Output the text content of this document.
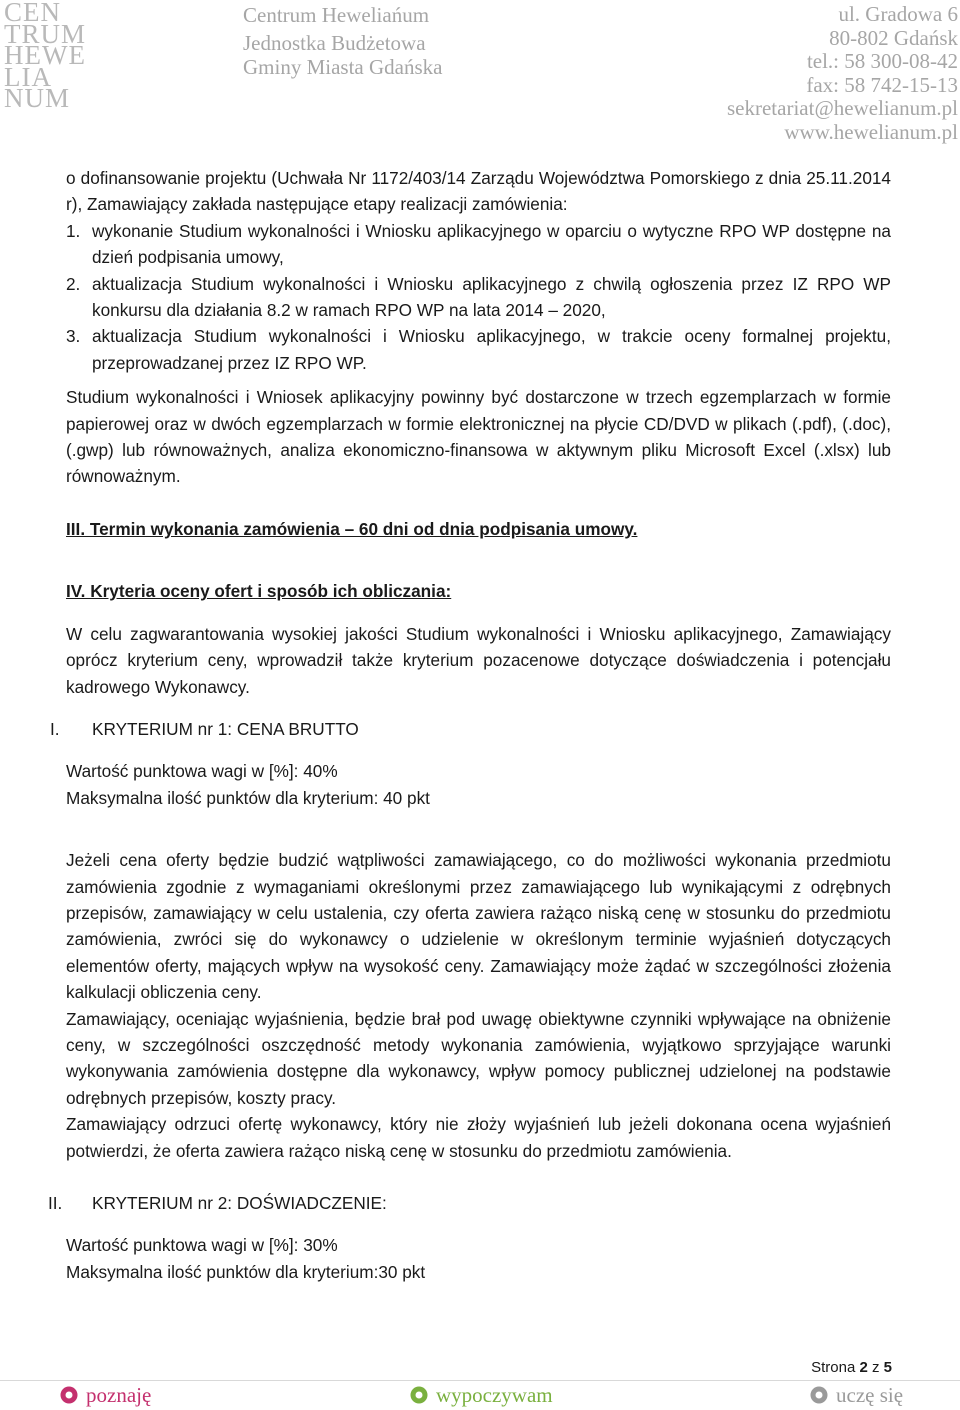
CEN
TRUM
HEWE
LIA
NUM
Centrum Heweliańum
Jednostka Budżetowa
Gminy Miasta Gdańska
ul. Gradowa 6
80-802 Gdańsk
tel.: 58 300-08-42
fax: 58 742-15-13
sekretariat@hewelianum.pl
www.hewelianum.pl

o dofinansowanie projektu (Uchwała Nr 1172/403/14 Zarządu Województwa Pomorskiego z dnia 25.11.2014 r), Zamawiający zakłada następujące etapy realizacji zamówienia:

1. wykonanie Studium wykonalności i Wniosku aplikacyjnego w oparciu o wytyczne RPO WP dostępne na dzień podpisania umowy,
2. aktualizacja Studium wykonalności i Wniosku aplikacyjnego z chwilą ogłoszenia przez IZ RPO WP konkursu dla działania 8.2 w ramach RPO WP na lata 2014 – 2020,
3. aktualizacja Studium wykonalności i Wniosku aplikacyjnego, w trakcie oceny formalnej projektu, przeprowadzanej przez IZ RPO WP.

Studium wykonalności i Wniosek aplikacyjny powinny być dostarczone w trzech egzemplarzach w formie papierowej oraz w dwóch egzemplarzach w formie elektronicznej na płycie CD/DVD w plikach (.pdf), (.doc), (.gwp) lub równoważnych, analiza ekonomiczno-finansowa w aktywnym pliku Microsoft Excel (.xlsx) lub równoważnym.

III. Termin wykonania zamówienia – 60 dni od dnia podpisania umowy.

IV. Kryteria oceny ofert i sposób ich obliczania:

W celu zagwarantowania wysokiej jakości Studium wykonalności i Wniosku aplikacyjnego, Zamawiający oprócz kryterium ceny, wprowadził także kryterium pozacenowe dotyczące doświadczenia i potencjału kadrowego Wykonawcy.

I. KRYTERIUM nr 1: CENA BRUTTO

Wartość punktowa wagi w [%]: 40%

Maksymalna ilość punktów dla kryterium: 40 pkt

Jeżeli cena oferty będzie budzić wątpliwości zamawiającego, co do możliwości wykonania przedmiotu zamówienia zgodnie z wymaganiami określonymi przez zamawiającego lub wynikającymi z odrębnych przepisów, zamawiający w celu ustalenia, czy oferta zawiera rażąco niską cenę w stosunku do przedmiotu zamówienia, zwróci się do wykonawcy o udzielenie w określonym terminie wyjaśnień dotyczących elementów oferty, mających wpływ na wysokość ceny. Zamawiający może żądać w szczególności złożenia kalkulacji obliczenia ceny.

Zamawiający, oceniając wyjaśnienia, będzie brał pod uwagę obiektywne czynniki wpływające na obniżenie ceny, w szczególności oszczędność metody wykonania zamówienia, wyjątkowo sprzyjające warunki wykonywania zamówienia dostępne dla wykonawcy, wpływ pomocy publicznej udzielonej na podstawie odrębnych przepisów, koszty pracy.

Zamawiający odrzuci ofertę wykonawcy, który nie złoży wyjaśnień lub jeżeli dokonana ocena wyjaśnień potwierdzi, że oferta zawiera rażąco niską cenę w stosunku do przedmiotu zamówienia.

II. KRYTERIUM nr 2: DOŚWIADCZENIE:

Wartość punktowa wagi w [%]: 30%

Maksymalna ilość punktów dla kryterium:30 pkt

Strona 2 z 5
poznaję	wypoczywam	uczę się
